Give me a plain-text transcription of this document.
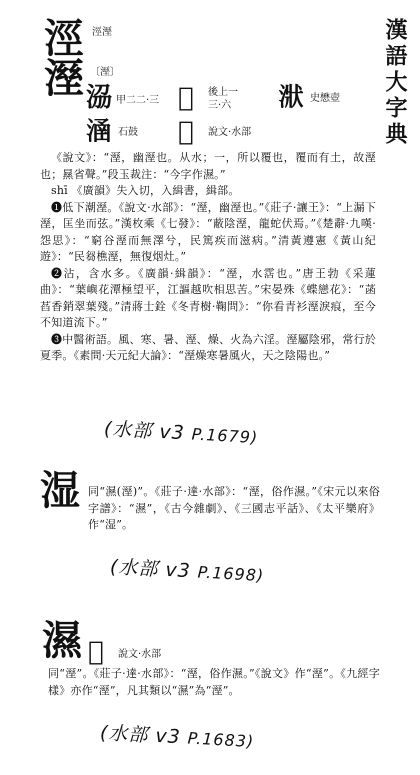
漢語大字典
涇 涇溼
溼 〔溼〕
𣴀 甲二二·三 𣴄 後上一三·六	𣶍 史懋壺
𣹢 石鼓 𣺇 說文·水部

《說文》：“溼，幽溼也。从水；一，所以覆也，覆而有土，故溼也；㬎省聲。”段玉裁注：“今字作濕。”

shī 《廣韻》失入切，入緝書，緝部。

❶低下潮溼。《說文·水部》：“溼，幽溼也。”《莊子·讓王》：“上漏下溼，匡坐而弦。”漢枚乘《七發》：“蔽陰溼，龍蛇伏焉。”《楚辭·九嘆·怨思》：“窮谷溼而無澤兮，民篤疾而滋病。”清黃遵憲《黃山紀遊》：“民芻樵溼，無復烟灶。”

❷沾，含水多。《廣韻·緝韻》：“溼，水霑也。”唐王勃《采蓮曲》：“葉嶼花潭極望平，江謳越吹相思苦。”宋晏殊《蝶戀花》：“菡萏香銷翠葉殘。”清蔣士銓《冬青樹·鞠問》：“你看青衫溼淚痕，至今不知道流下。”

❸中醫術語。風、寒、暑、溼、燥、火為六淫。溼屬陰邪，常行於夏季。《素問·天元紀大論》：“溼燥寒暑風火，天之陰陽也。”

(水部 v3 P.1679)
湿 同“濕(溼)”。《莊子·達·水部》：“溼，俗作濕。”《宋元以來俗字譜》：“濕”，《古今雜劇》、《三國志平話》、《太平樂府》作“湿”。
(水部 v3 P.1698)
濕 𣺇 說文·水部
同“溼”。《莊子·達·水部》：“溼，俗作濕。”《說文》作“溼”。《九經字樣》亦作“溼”，凡其類以“濕”為“溼”。
(水部 v3 P.1683)
